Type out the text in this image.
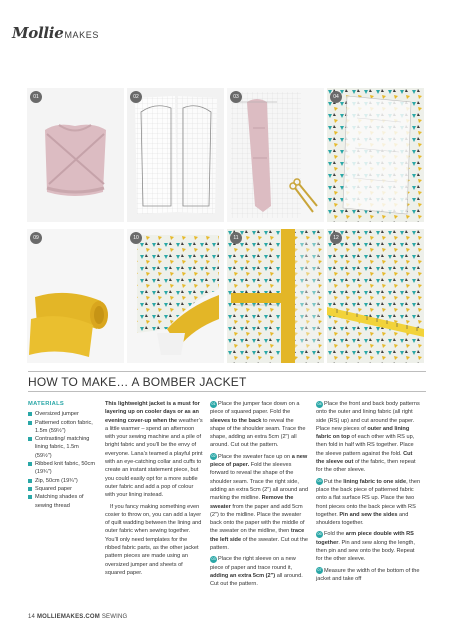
MollieMAKES
01	02	03	04
09	10	11	12
HOW TO MAKE… A BOMBER JACKET
MATERIALS
Oversized jumper
Patterned cotton fabric, 1.5m (59½")
Contrasting/ matching lining fabric, 1.5m (59½")
Ribbed knit fabric, 50cm (19¾")
Zip, 50cm (19¾")
Squared paper
Matching shades of sewing thread

This lightweight jacket is a must for layering up on cooler days or as an evening cover-up when the weather’s a little warmer – spend an afternoon with your sewing machine and a pile of bright fabric and you’ll be the envy of everyone. Lana’s teamed a playful print with an eye-catching collar and cuffs to create an instant statement piece, but you could easily opt for a more subtle outer fabric and add a pop of colour with your lining instead.

If you fancy making something even cosier to throw on, you can add a layer of quilt wadding between the lining and outer fabric when sewing together. You’ll only need templates for the ribbed fabric parts, as the other jacket pattern pieces are made using an oversized jumper and sheets of squared paper.

01 Place the jumper face down on a piece of squared paper. Fold the sleeves to the back to reveal the shape of the shoulder seam. Trace the shape, adding an extra 5cm (2") all around. Cut out the pattern.

02 Place the sweater face up on a new piece of paper. Fold the sleeves forward to reveal the shape of the shoulder seam. Trace the right side, adding an extra 5cm (2") all around and marking the midline. Remove the sweater from the paper and add 5cm (2") to the midline. Place the sweater back onto the paper with the middle of the sweater on the midline, then trace the left side of the sweater. Cut out the pattern.

03 Place the right sleeve on a new piece of paper and trace round it, adding an extra 5cm (2") all around. Cut out the pattern.

04 Place the front and back body patterns onto the outer and lining fabric (all right side (RS) up) and cut around the paper. Place new pieces of outer and lining fabric on top of each other with RS up, then fold in half with RS together. Place the sleeve pattern against the fold. Cut the sleeve out of the fabric, then repeat for the other sleeve.

05 Put the lining fabric to one side, then place the back piece of patterned fabric onto a flat surface RS up. Place the two front pieces onto the back piece with RS together. Pin and sew the sides and shoulders together.

06 Fold the arm piece double with RS together. Pin and sew along the length, then pin and sew onto the body. Repeat for the other sleeve.

07 Measure the width of the bottom of the jacket and take off

14 MOLLIEMAKES.COM SEWING
